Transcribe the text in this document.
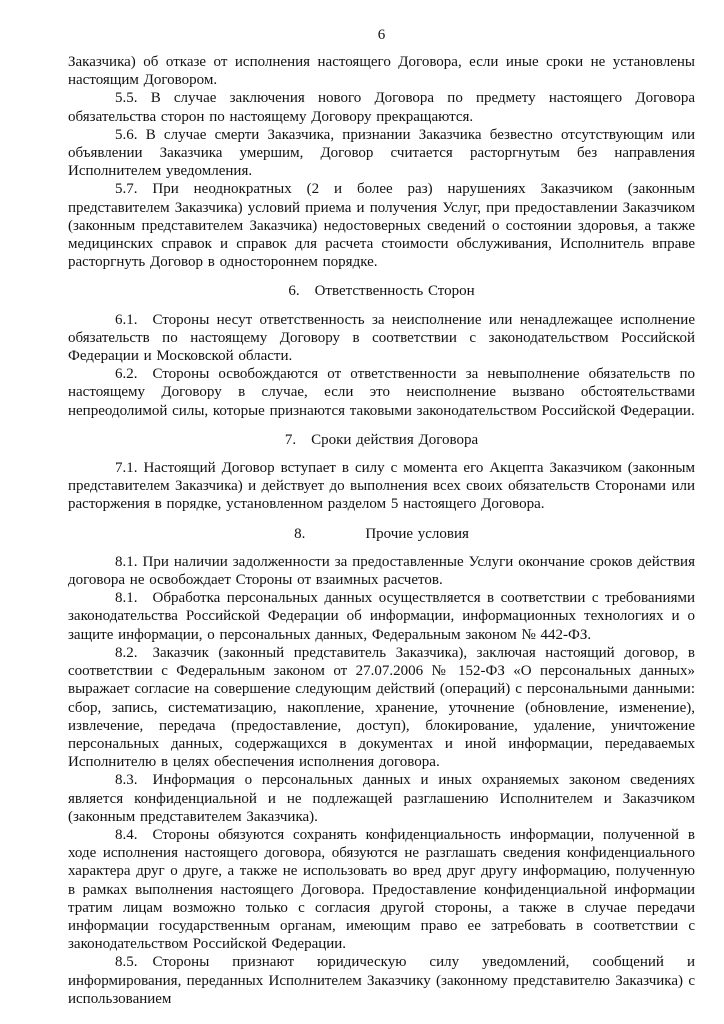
6

Заказчика) об отказе от исполнения настоящего Договора, если иные сроки не установлены настоящим Договором.

5.5. В случае заключения нового Договора по предмету настоящего Договора обязательства сторон по настоящему Договору прекращаются.

5.6. В случае смерти Заказчика, признании Заказчика безвестно отсутствующим или объявлении Заказчика умершим, Договор считается расторгнутым без направления Исполнителем уведомления.

5.7. При неоднократных (2 и более раз) нарушениях Заказчиком (законным представителем Заказчика) условий приема и получения Услуг, при предоставлении Заказчиком (законным представителем Заказчика) недостоверных сведений о состоянии здоровья, а также медицинских справок и справок для расчета стоимости обслуживания, Исполнитель вправе расторгнуть Договор в одностороннем порядке.

6. Ответственность Сторон

6.1. Стороны несут ответственность за неисполнение или ненадлежащее исполнение обязательств по настоящему Договору в соответствии с законодательством Российской Федерации и Московской области.

6.2. Стороны освобождаются от ответственности за невыполнение обязательств по настоящему Договору в случае, если это неисполнение вызвано обстоятельствами непреодолимой силы, которые признаются таковыми законодательством Российской Федерации.

7. Сроки действия Договора

7.1. Настоящий Договор вступает в силу с момента его Акцепта Заказчиком (законным представителем Заказчика) и действует до выполнения всех своих обязательств Сторонами или расторжения в порядке, установленном разделом 5 настоящего Договора.

8.    Прочие условия

8.1. При наличии задолженности за предоставленные Услуги окончание сроков действия договора не освобождает Стороны от взаимных расчетов.

8.1. Обработка персональных данных осуществляется в соответствии с требованиями законодательства Российской Федерации об информации, информационных технологиях и о защите информации, о персональных данных, Федеральным законом № 442-ФЗ.

8.2. Заказчик (законный представитель Заказчика), заключая настоящий договор, в соответствии с Федеральным законом от 27.07.2006 № 152-ФЗ «О персональных данных» выражает согласие на совершение следующим действий (операций) с персональными данными: сбор, запись, систематизацию, накопление, хранение, уточнение (обновление, изменение), извлечение, передача (предоставление, доступ), блокирование, удаление, уничтожение персональных данных, содержащихся в документах и иной информации, передаваемых Исполнителю в целях обеспечения исполнения договора.

8.3. Информация о персональных данных и иных охраняемых законом сведениях является конфиденциальной и не подлежащей разглашению Исполнителем и Заказчиком (законным представителем Заказчика).

8.4. Стороны обязуются сохранять конфиденциальность информации, полученной в ходе исполнения настоящего договора, обязуются не разглашать сведения конфиденциального характера друг о друге, а также не использовать во вред друг другу информацию, полученную в рамках выполнения настоящего Договора. Предоставление конфиденциальной информации тратим лицам возможно только с согласия другой стороны, а также в случае передачи информации государственным органам, имеющим право ее затребовать в соответствии с законодательством Российской Федерации.

8.5. Стороны признают юридическую силу уведомлений, сообщений и информирования, переданных Исполнителем Заказчику (законному представителю Заказчика) с использованием
